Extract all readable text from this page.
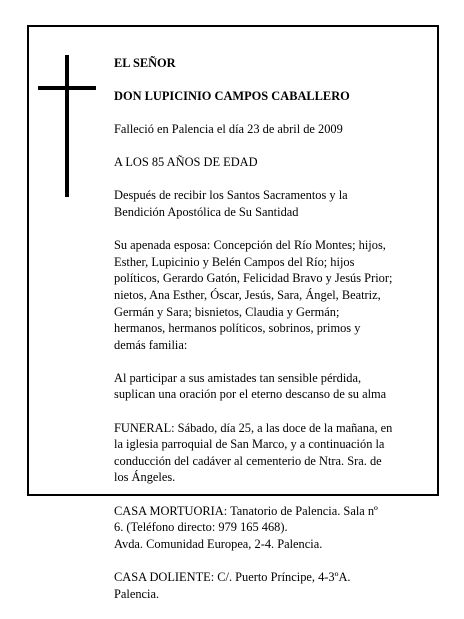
EL SEÑOR

DON LUPICINIO CAMPOS CABALLERO

Falleció en Palencia el día 23 de abril de 2009

A LOS 85 AÑOS DE EDAD

Después de recibir los Santos Sacramentos y la
Bendición Apostólica de Su Santidad

Su apenada esposa: Concepción del Río Montes; hijos,
Esther, Lupicinio y Belén Campos del Río; hijos
políticos, Gerardo Gatón, Felicidad Bravo y Jesús Prior;
nietos, Ana Esther, Óscar, Jesús, Sara, Ángel, Beatriz,
Germán y Sara; bisnietos, Claudia y Germán;
hermanos, hermanos políticos, sobrinos, primos y
demás familia:

Al participar a sus amistades tan sensible pérdida,
suplican una oración por el eterno descanso de su alma

FUNERAL: Sábado, día 25, a las doce de la mañana, en
la iglesia parroquial de San Marco, y a continuación la
conducción del cadáver al cementerio de Ntra. Sra. de
los Ángeles.

CASA MORTUORIA: Tanatorio de Palencia. Sala nº
6. (Teléfono directo: 979 165 468).
Avda. Comunidad Europea, 2-4. Palencia.

CASA DOLIENTE: C/. Puerto Príncipe, 4-3ºA.
Palencia.
